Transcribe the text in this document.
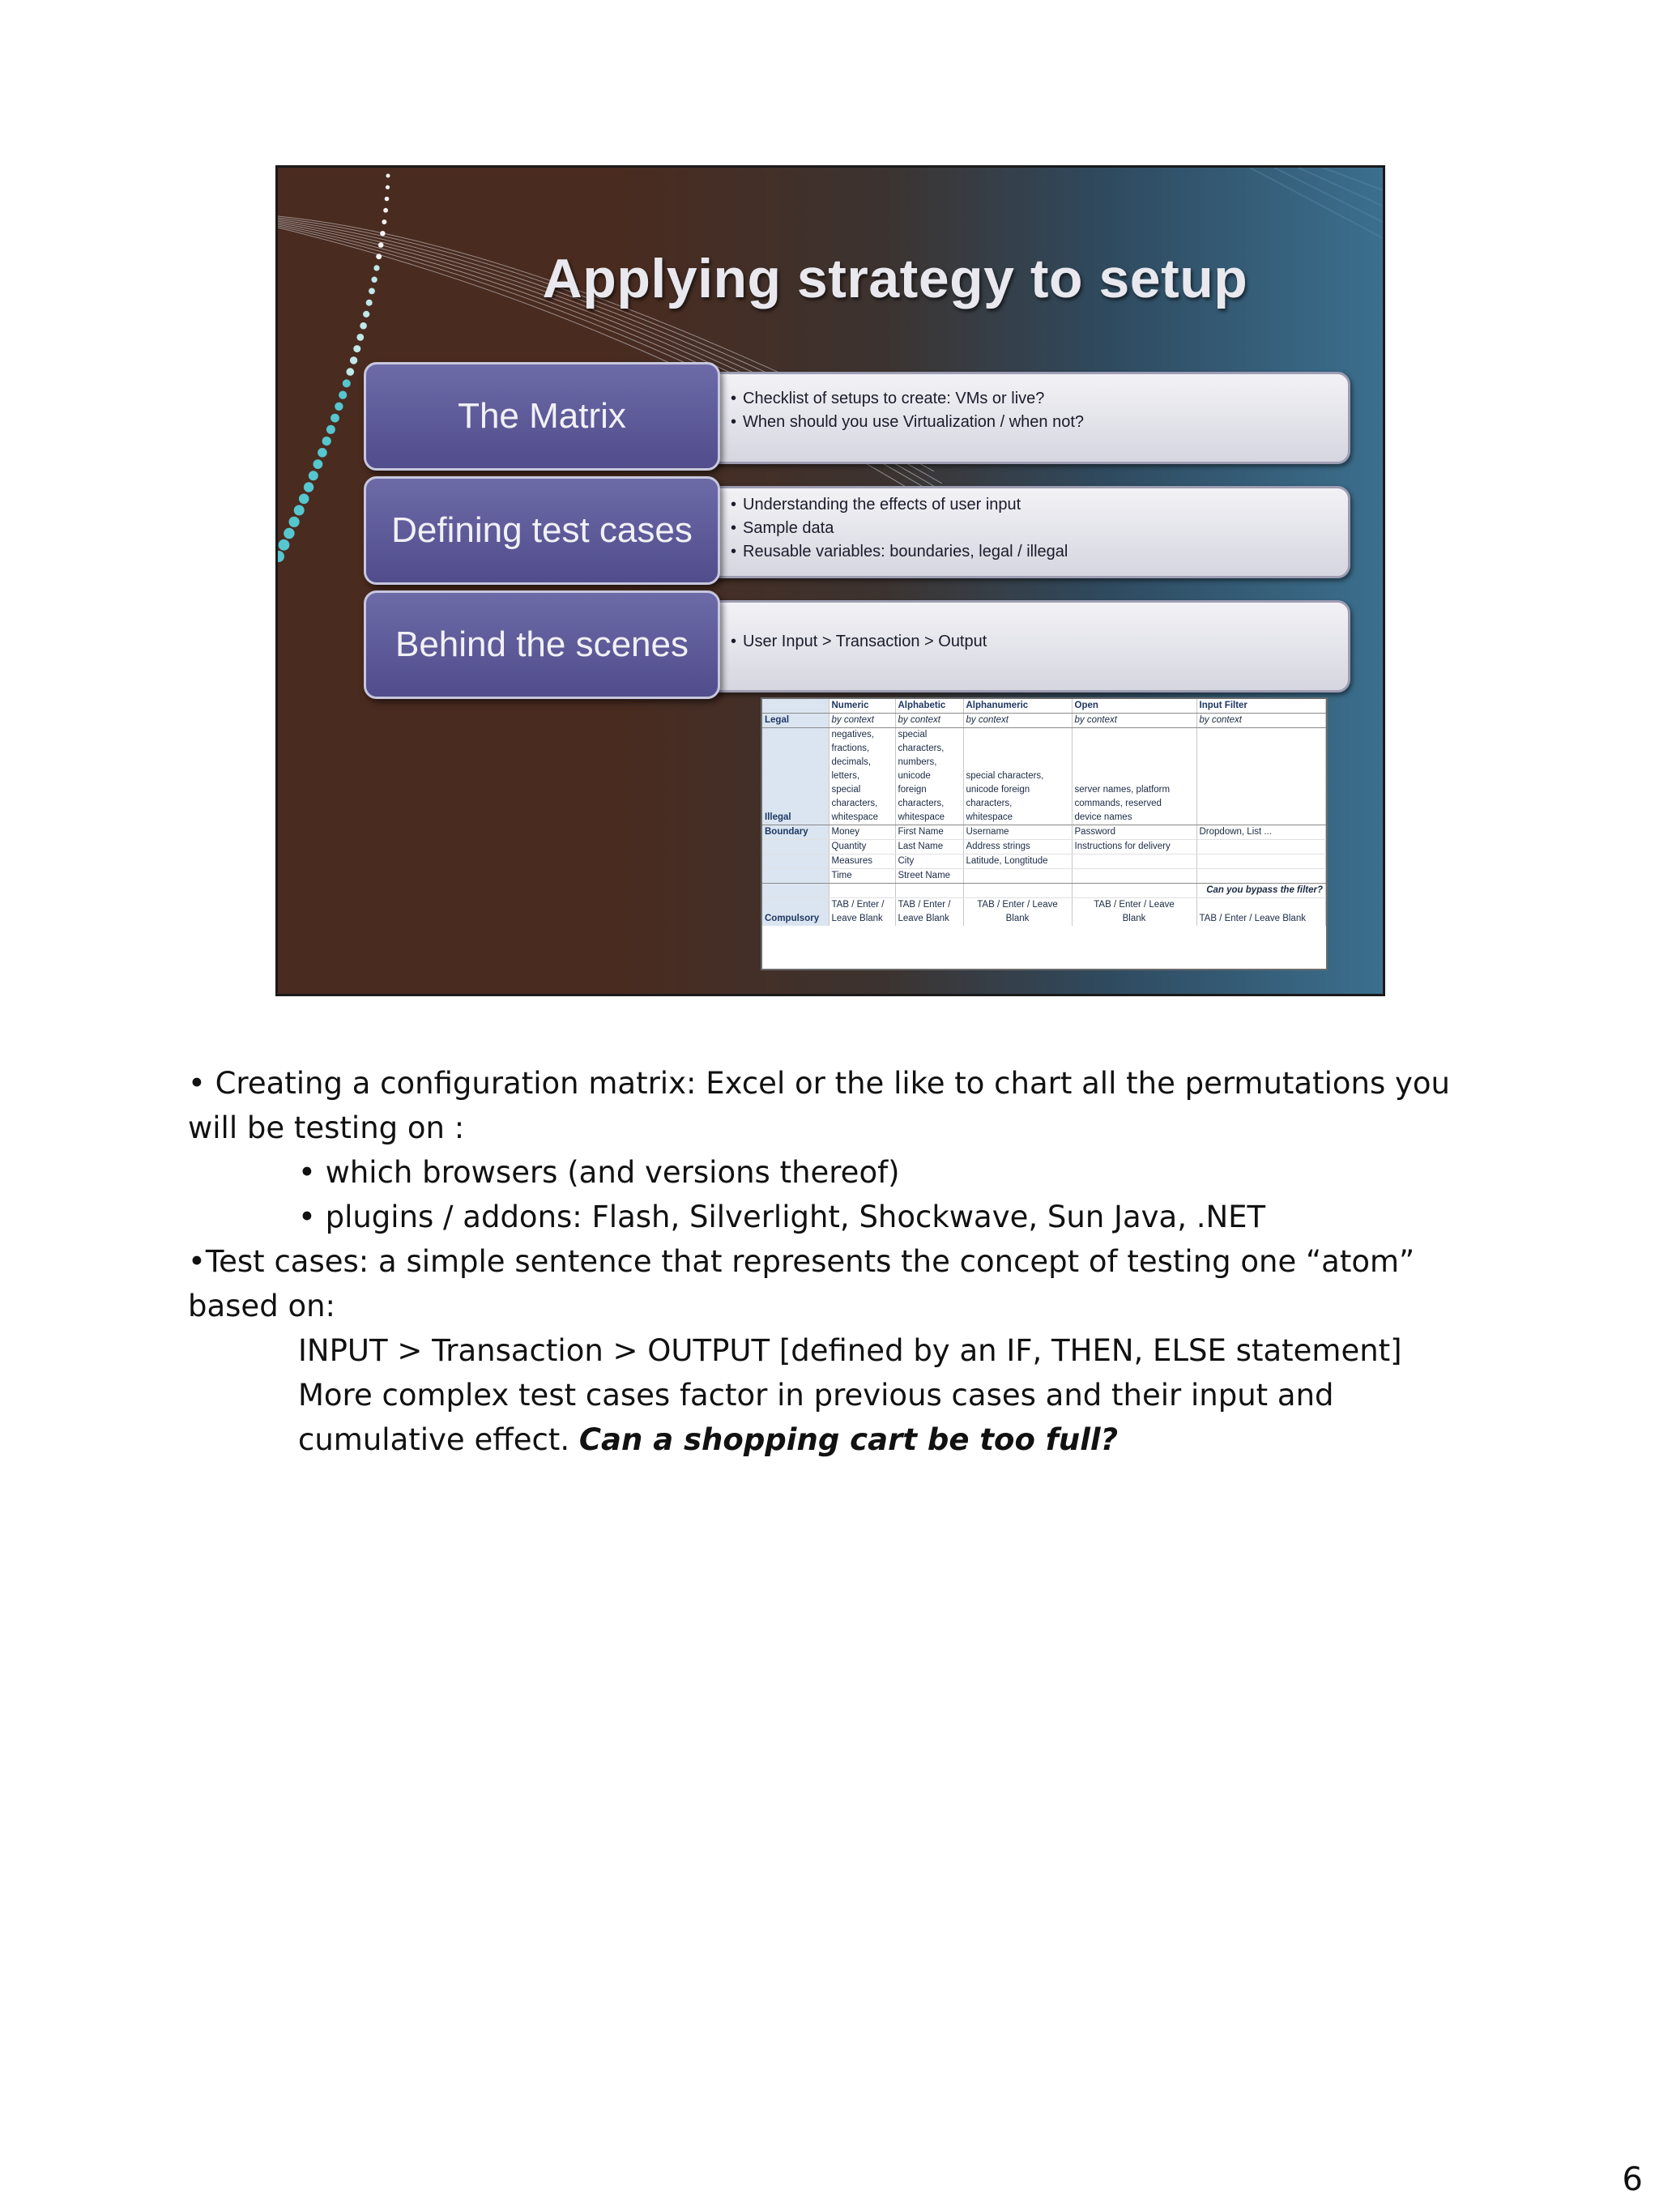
Applying strategy to setup
• Checklist of setups to create: VMs or live?
• When should you use Virtualization / when not?
The Matrix
• Understanding the effects of user input
• Sample data
• Reusable variables: boundaries, legal / illegal
Defining test cases
• User Input > Transaction > Output
Behind the scenes
	Numeric	Alphabetic	Alphanumeric	Open	Input Filter
Legal	by context	by context	by context	by context	by context
	negatives,	special			
	fractions,	characters,			
	decimals,	numbers,			
	letters,	unicode	special characters,		
	special	foreign	unicode foreign	server names, platform	
	characters,	characters,	characters,	commands, reserved	
Illegal	whitespace	whitespace	whitespace	device names	
Boundary	Money	First Name	Username	Password	Dropdown, List ...
	Quantity	Last Name	Address strings	Instructions for delivery	
	Measures	City	Latitude, Longtitude		
	Time	Street Name			
					Can you bypass the filter?
	TAB / Enter /	TAB / Enter /	TAB / Enter / Leave	TAB / Enter / Leave	
Compulsory	Leave Blank	Leave Blank	Blank	Blank	TAB / Enter / Leave Blank

• Creating a configuration matrix: Excel or the like to chart all the permutations you

will be testing on :

• which browsers (and versions thereof)

• plugins / addons: Flash, Silverlight, Shockwave, Sun Java, .NET

•Test cases: a simple sentence that represents the concept of testing one “atom”

based on:

INPUT > Transaction > OUTPUT [defined by an IF, THEN, ELSE statement]

More complex test cases factor in previous cases and their input and

cumulative effect. Can a shopping cart be too full?

6
